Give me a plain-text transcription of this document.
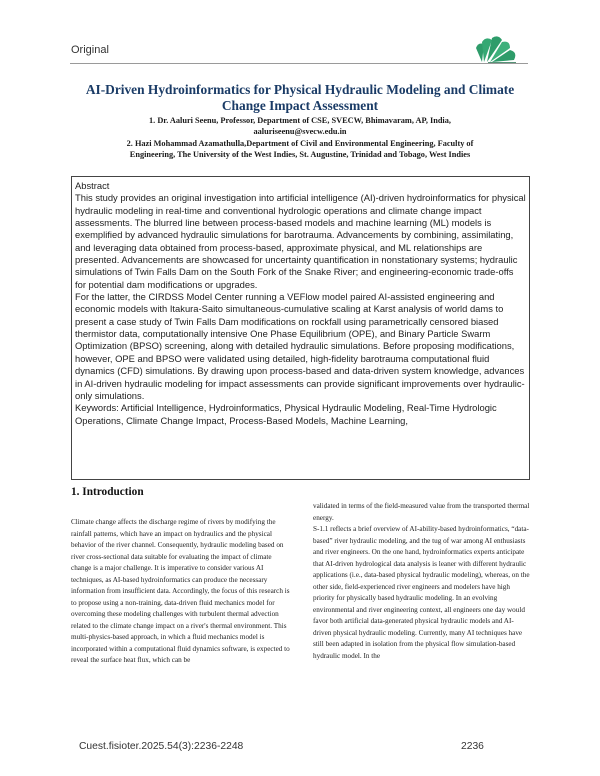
Original
AI-Driven Hydroinformatics for Physical Hydraulic Modeling and Climate Change Impact Assessment

1. Dr. Aaluri Seenu, Professor, Department of CSE, SVECW, Bhimavaram, AP, India,

aaluriseenu@svecw.edu.in

2. Hazi Mohammad Azamathulla,Department of Civil and Environmental Engineering, Faculty of

Engineering, The University of the West Indies, St. Augustine, Trinidad and Tobago, West Indies

Abstract

This study provides an original investigation into artificial intelligence (AI)-driven hydroinformatics for physical hydraulic modeling in real-time and conventional hydrologic operations and climate change impact assessments. The blurred line between process-based models and machine learning (ML) models is exemplified by advanced hydraulic simulations for barotrauma. Advancements by combining, assimilating, and leveraging data obtained from process-based, approximate physical, and ML relationships are presented. Advancements are showcased for uncertainty quantification in nonstationary systems; hydraulic simulations of Twin Falls Dam on the South Fork of the Snake River; and engineering-economic trade-offs for potential dam modifications or upgrades.

For the latter, the CIRDSS Model Center running a VEFlow model paired AI-assisted engineering and economic models with Itakura-Saito simultaneous-cumulative scaling at Karst analysis of world dams to present a case study of Twin Falls Dam modifications on rockfall using parametrically censored biased thermistor data, computationally intensive One Phase Equilibrium (OPE), and Binary Particle Swarm Optimization (BPSO) screening, along with detailed hydraulic simulations. Before proposing modifications, however, OPE and BPSO were validated using detailed, high-fidelity barotrauma computational fluid dynamics (CFD) simulations. By drawing upon process-based and data-driven system knowledge, advances in AI-driven hydraulic modeling for impact assessments can provide significant improvements over hydraulic-only simulations.

Keywords: Artificial Intelligence, Hydroinformatics, Physical Hydraulic Modeling, Real-Time Hydrologic Operations, Climate Change Impact, Process-Based Models, Machine Learning,

1. Introduction

Climate change affects the discharge regime of rivers by modifying the rainfall patterns, which have an impact on hydraulics and the physical behavior of the river channel. Consequently, hydraulic modeling based on river cross-sectional data suitable for evaluating the impact of climate change is a major challenge. It is imperative to consider various AI techniques, as AI-based hydroinformatics can produce the necessary information from insufficient data. Accordingly, the focus of this research is to propose using a non-training, data-driven fluid mechanics model for overcoming these modeling challenges with turbulent thermal advection related to the climate change impact on a river's thermal environment. This multi-physics-based approach, in which a fluid mechanics model is incorporated within a computational fluid dynamics software, is expected to reveal the surface heat flux, which can be

validated in terms of the field-measured value from the transported thermal energy.

S-1.1 reflects a brief overview of AI-ability-based hydroinformatics, “data-based” river hydraulic modeling, and the tug of war among AI enthusiasts and river engineers. On the one hand, hydroinformatics experts anticipate that AI-driven hydrological data analysis is leaner with different hydraulic applications (i.e., data-based physical hydraulic modeling), whereas, on the other side, field-experienced river engineers and modelers have high priority for physically based hydraulic modeling. In an evolving environmental and river engineering context, all engineers one day would favor both artificial data-generated physical hydraulic models and AI-driven physical hydraulic modeling. Currently, many AI techniques have still been adapted in isolation from the physical flow simulation-based hydraulic model. In the

Cuest.fisioter.2025.54(3):2236-2248	2236
